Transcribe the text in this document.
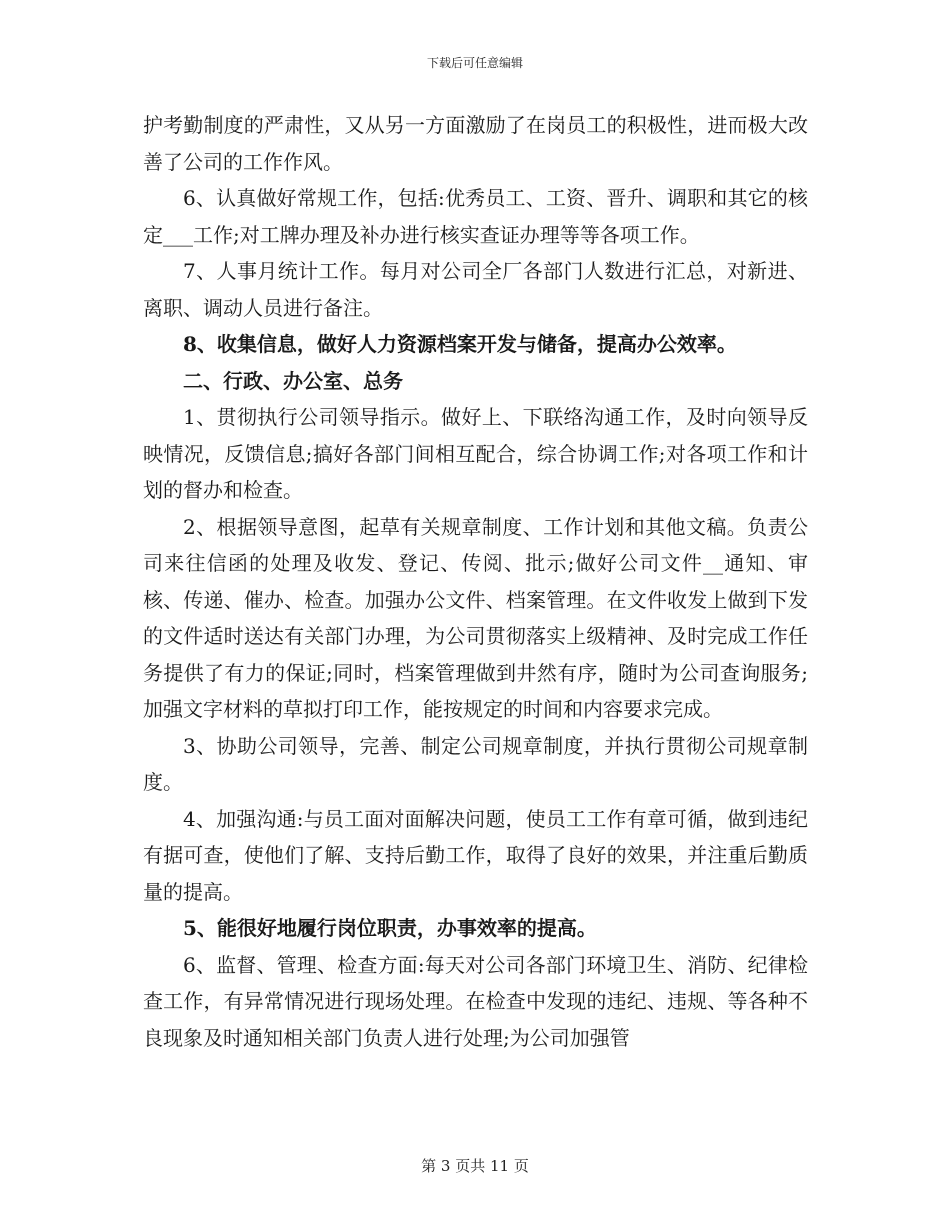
下载后可任意编辑

护考勤制度的严肃性，又从另一方面激励了在岗员工的积极性，进而极大改善了公司的工作作风。

6、认真做好常规工作，包括:优秀员工、工资、晋升、调职和其它的核定___工作;对工牌办理及补办进行核实查证办理等等各项工作。

7、人事月统计工作。每月对公司全厂各部门人数进行汇总，对新进、离职、调动人员进行备注。

8、收集信息，做好人力资源档案开发与储备，提高办公效率。

二、行政、办公室、总务

1、贯彻执行公司领导指示。做好上、下联络沟通工作，及时向领导反映情况，反馈信息;搞好各部门间相互配合，综合协调工作;对各项工作和计划的督办和检查。

2、根据领导意图，起草有关规章制度、工作计划和其他文稿。负责公司来往信函的处理及收发、登记、传阅、批示;做好公司文件__通知、审核、传递、催办、检查。加强办公文件、档案管理。在文件收发上做到下发的文件适时送达有关部门办理，为公司贯彻落实上级精神、及时完成工作任务提供了有力的保证;同时，档案管理做到井然有序，随时为公司查询服务;加强文字材料的草拟打印工作，能按规定的时间和内容要求完成。

3、协助公司领导，完善、制定公司规章制度，并执行贯彻公司规章制度。

4、加强沟通:与员工面对面解决问题，使员工工作有章可循，做到违纪有据可查，使他们了解、支持后勤工作，取得了良好的效果，并注重后勤质量的提高。

5、能很好地履行岗位职责，办事效率的提高。

6、监督、管理、检查方面:每天对公司各部门环境卫生、消防、纪律检查工作，有异常情况进行现场处理。在检查中发现的违纪、违规、等各种不良现象及时通知相关部门负责人进行处理;为公司加强管

第 3 页共 11 页
